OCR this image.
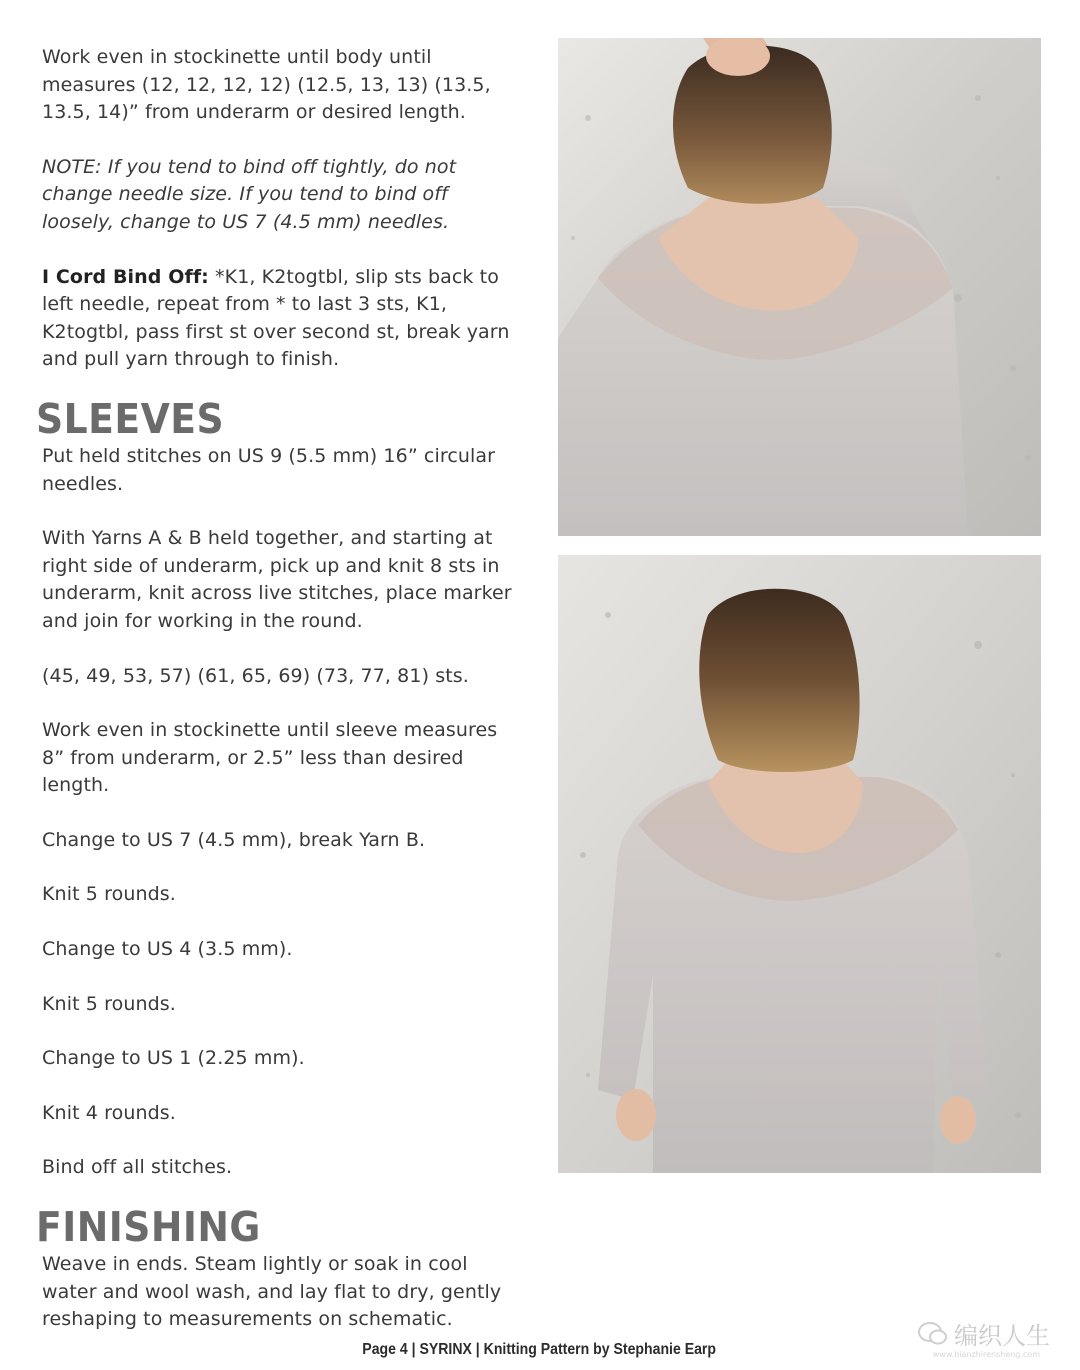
Work even in stockinette until body until measures (12, 12, 12, 12) (12.5, 13, 13) (13.5, 13.5, 14)” from underarm or desired length.

NOTE: If you tend to bind off tightly, do not change needle size. If you tend to bind off loosely, change to US 7 (4.5 mm) needles.

I Cord Bind Off: *K1, K2togtbl, slip sts back to left needle, repeat from * to last 3 sts, K1, K2togtbl, pass first st over second st, break yarn and pull yarn through to finish.

SLEEVES

Put held stitches on US 9 (5.5 mm) 16” circular needles.

With Yarns A & B held together, and starting at right side of underarm, pick up and knit 8 sts in underarm, knit across live stitches, place marker and join for working in the round.

(45, 49, 53, 57) (61, 65, 69) (73, 77, 81) sts.

Work even in stockinette until sleeve measures 8” from underarm, or 2.5” less than desired length.

Change to US 7 (4.5 mm), break Yarn B.

Knit 5 rounds.

Change to US 4 (3.5 mm).

Knit 5 rounds.

Change to US 1 (2.25 mm).

Knit 4 rounds.

Bind off all stitches.

FINISHING

Weave in ends. Steam lightly or soak in cool water and wool wash, and lay flat to dry, gently reshaping to measurements on schematic.

Page 4 | SYRINX | Knitting Pattern by Stephanie Earp	编织人生
www.bianzhirensheng.com
